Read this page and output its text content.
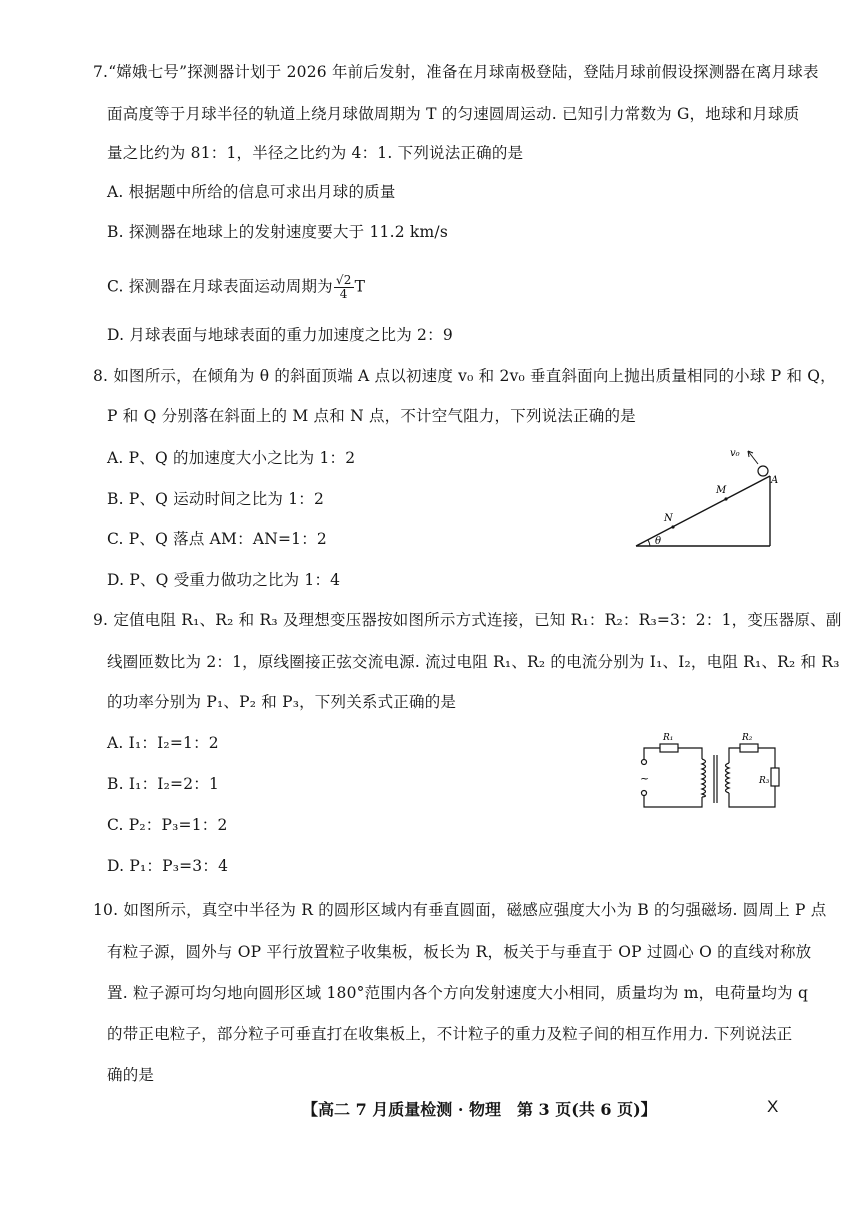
7.“嫦娥七号”探测器计划于 2026 年前后发射，准备在月球南极登陆，登陆月球前假设探测器在离月球表
面高度等于月球半径的轨道上绕月球做周期为 T 的匀速圆周运动. 已知引力常数为 G，地球和月球质
量之比约为 81：1，半径之比约为 4：1. 下列说法正确的是
A. 根据题中所给的信息可求出月球的质量
B. 探测器在地球上的发射速度要大于 11.2 km/s
C. 探测器在月球表面运动周期为 $\frac{√2}{4}$ T
D. 月球表面与地球表面的重力加速度之比为 2：9
8. 如图所示，在倾角为 θ 的斜面顶端 A 点以初速度 v₀ 和 2v₀ 垂直斜面向上抛出质量相同的小球 P 和 Q，
P 和 Q 分别落在斜面上的 M 点和 N 点，不计空气阻力，下列说法正确的是
A. P、Q 的加速度大小之比为 1：2
B. P、Q 运动时间之比为 1：2
C. P、Q 落点 AM：AN=1：2
D. P、Q 受重力做功之比为 1：4
v₀
A
M
N
θ
9. 定值电阻 R₁、R₂ 和 R₃ 及理想变压器按如图所示方式连接，已知 R₁：R₂：R₃=3：2：1，变压器原、副
线圈匝数比为 2：1，原线圈接正弦交流电源. 流过电阻 R₁、R₂ 的电流分别为 I₁、I₂，电阻 R₁、R₂ 和 R₃
的功率分别为 P₁、P₂ 和 P₃，下列关系式正确的是
A. I₁：I₂=1：2
B. I₁：I₂=2：1
C. P₂：P₃=1：2
D. P₁：P₃=3：4
~
R₁	R₂
R₃
10. 如图所示，真空中半径为 R 的圆形区域内有垂直圆面，磁感应强度大小为 B 的匀强磁场. 圆周上 P 点
有粒子源，圆外与 OP 平行放置粒子收集板，板长为 R，板关于与垂直于 OP 过圆心 O 的直线对称放
置. 粒子源可均匀地向圆形区域 180°范围内各个方向发射速度大小相同，质量均为 m，电荷量均为 q
的带正电粒子，部分粒子可垂直打在收集板上，不计粒子的重力及粒子间的相互作用力. 下列说法正
确的是
【高二 7 月质量检测 · 物理　第 3 页(共 6 页)】	X
